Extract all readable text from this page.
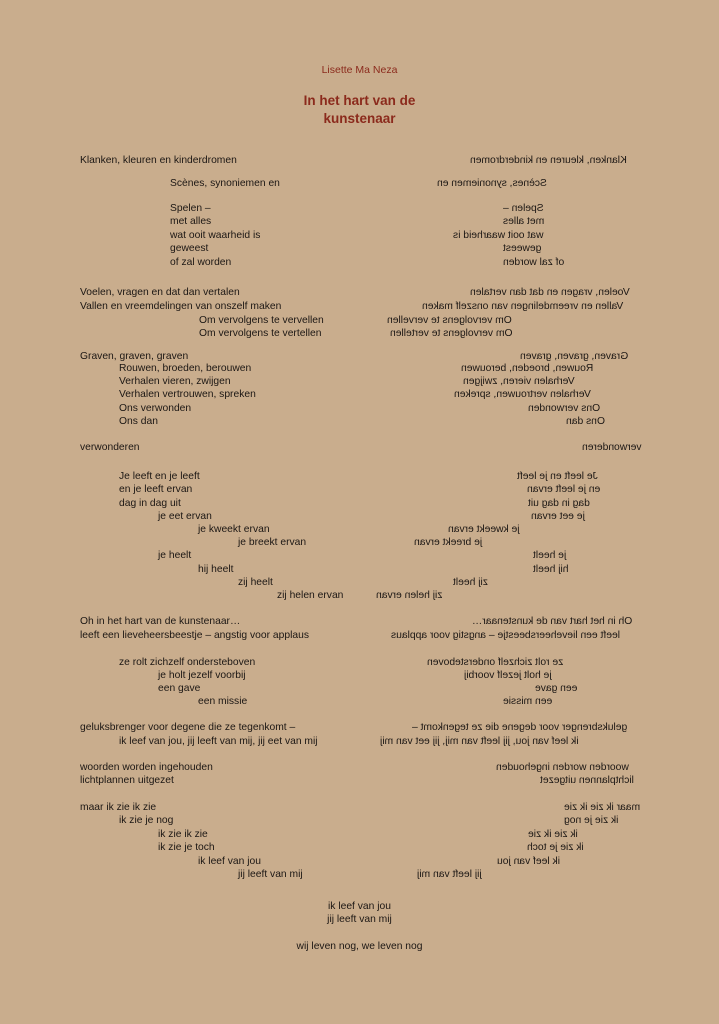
Lisette Ma Neza
In het hart van de
kunstenaar
Klanken, kleuren en kinderdromen	Klanken, kleuren en kinderdromen
Scènes, synoniemen en	Scènes, synoniemen en
Spelen –	Spelen –
met alles	met alles
wat ooit waarheid is	wat ooit waarheid is
geweest	geweest
of zal worden	of zal worden
Voelen, vragen en dat dan vertalen	Voelen, vragen en dat dan vertalen
Vallen en vreemdelingen van onszelf maken	Vallen en vreemdelingen van onszelf maken
Om vervolgens te vervellen	Om vervolgens te vervellen
Om vervolgens te vertellen	Om vervolgens te vertellen
Graven, graven, graven	Graven, graven, graven
Rouwen, broeden, berouwen	Rouwen, broeden, berouwen
Verhalen vieren, zwijgen	Verhalen vieren, zwijgen
Verhalen vertrouwen, spreken	Verhalen vertrouwen, spreken
Ons verwonden	Ons verwonden
Ons dan	Ons dan
verwonderen	verwonderen
Je leeft en je leeft	Je leeft en je leeft
en je leeft ervan	en je leeft ervan
dag in dag uit	dag in dag uit
je eet ervan	je eet ervan
je kweekt ervan	je kweekt ervan
je breekt ervan	je breekt ervan
je heelt	je heelt
hij heelt	hij heelt
zij heelt	zij heelt
zij helen ervan	zij helen ervan
Oh in het hart van de kunstenaar…	Oh in het hart van de kunstenaar…
leeft een lieveheersbeestje – angstig voor applaus	leeft een lieveheersbeestje – angstig voor applaus
ze rolt zichzelf ondersteboven	ze rolt zichzelf ondersteboven
je holt jezelf voorbij	je holt jezelf voorbij
een gave	een gave
een missie	een missie
geluksbrenger voor degene die ze tegenkomt –	geluksbrenger voor degene die ze tegenkomt –
ik leef van jou, jij leeft van mij, jij eet van mij	ik leef van jou, jij leeft van mij, jij eet van mij
woorden worden ingehouden	woorden worden ingehouden
lichtplannen uitgezet	lichtplannen uitgezet
maar ik zie ik zie	maar ik zie ik zie
ik zie je nog	ik zie je nog
ik zie ik zie	ik zie ik zie
ik zie je toch	ik zie je toch
ik leef van jou	ik leef van jou
jij leeft van mij	jij leeft van mij
ik leef van jou
jij leeft van mij
wij leven nog, we leven nog
